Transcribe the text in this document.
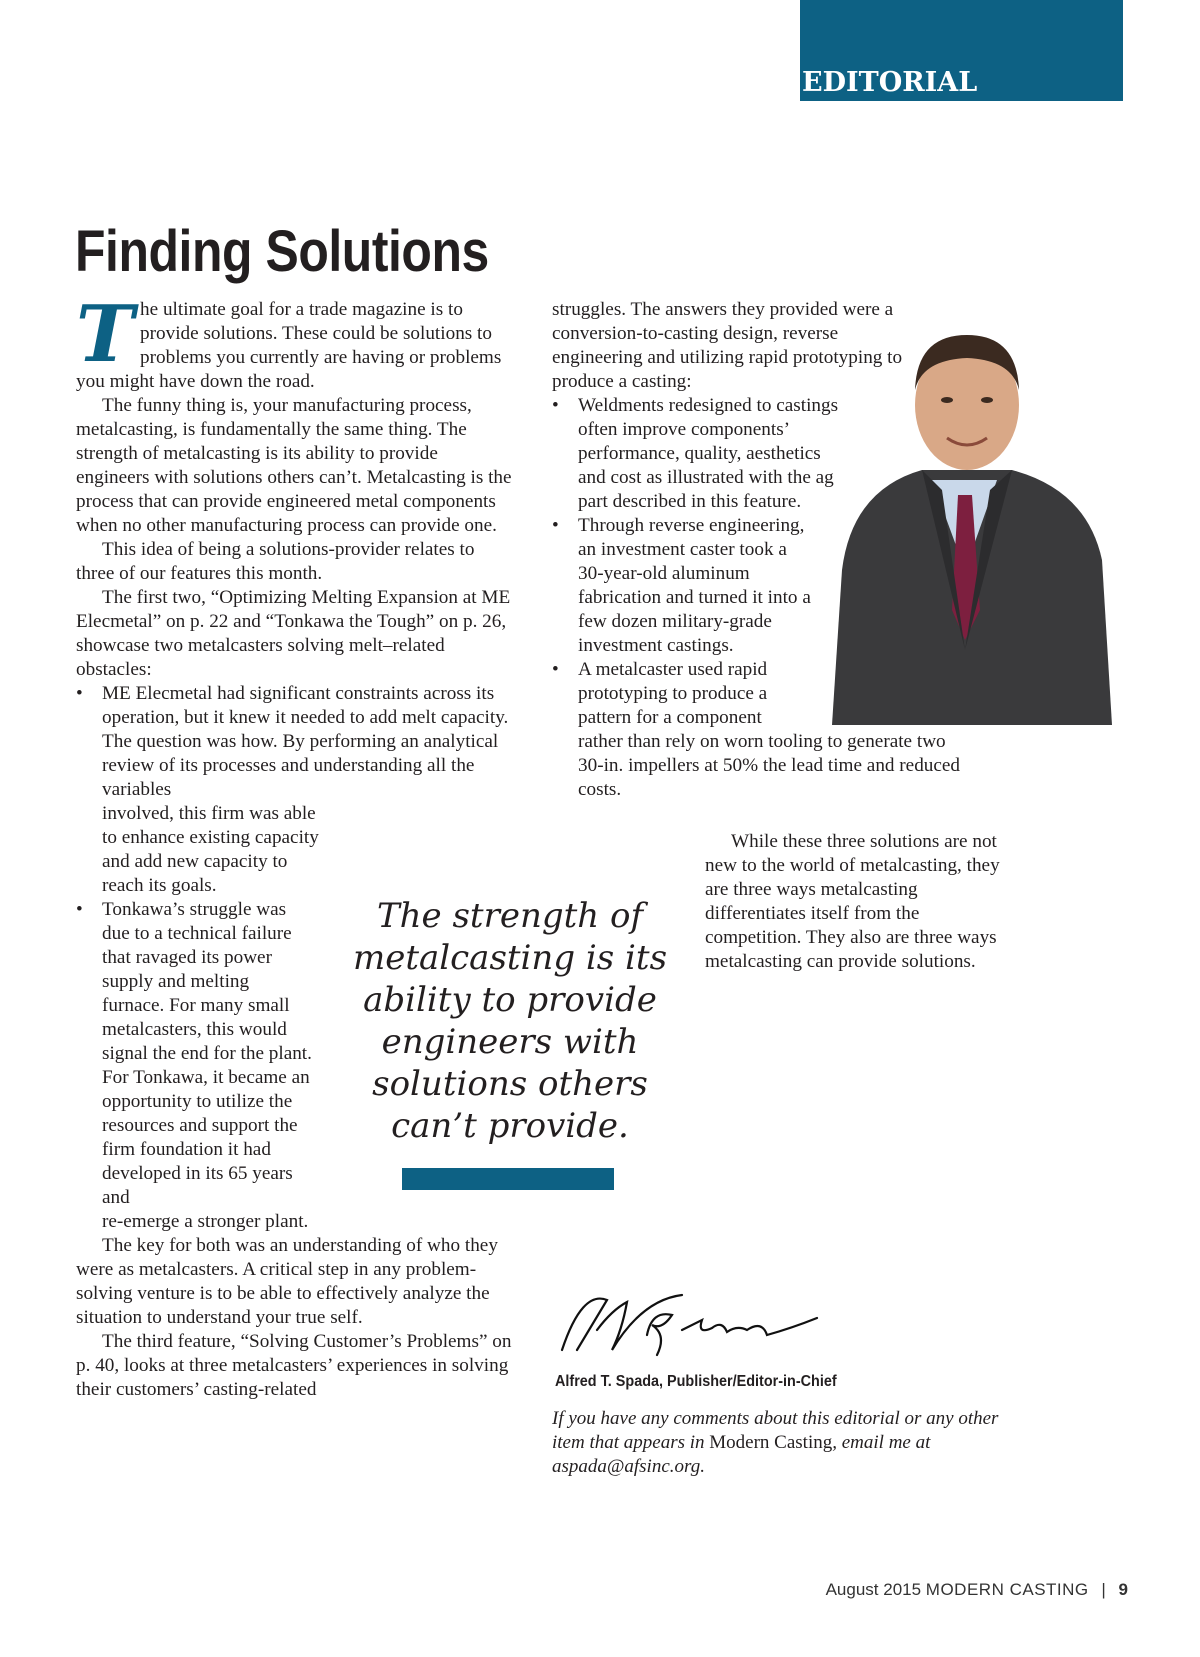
EDITORIAL
Finding Solutions

The ultimate goal for a trade magazine is to provide solutions. These could be solutions to problems you currently are having or problems you might have down the road.

The funny thing is, your manufacturing process, metalcasting, is fundamentally the same thing. The strength of metalcasting is its ability to provide engineers with solutions others can’t. Metalcasting is the process that can provide engineered metal components when no other manufacturing process can provide one.

This idea of being a solutions-provider relates to three of our features this month.

The first two, “Optimizing Melting Expansion at ME Elecmetal” on p. 22 and “Tonkawa the Tough” on p. 26, showcase two metalcasters solving melt–related obstacles:

• ME Elecmetal had significant constraints across its operation, but it knew it needed to add melt capacity. The question was how. By performing an analytical review of its processes and understanding all the variables
involved, this firm was able to enhance existing capacity and add new capacity to reach its goals.
• Tonkawa’s struggle was due to a technical failure that ravaged its power supply and melting furnace. For many small metalcasters, this would signal the end for the plant. For Tonkawa, it became an opportunity to utilize the resources and support the firm foundation it had developed in its 65 years and

re-emerge a stronger plant.

The key for both was an understanding of who they were as metalcasters. A critical step in any problem-solving venture is to be able to effectively analyze the situation to understand your true self.

The third feature, “Solving Customer’s Problems” on p. 40, looks at three metalcasters’ experiences in solving their customers’ casting-related

struggles. The answers they provided were a conversion-to-casting design, reverse engineering and utilizing rapid prototyping to produce a casting:

• Weldments redesigned to castings often improve components’ performance, quality, aesthetics and cost as illustrated with the ag part described in this feature.
• Through reverse engineering, an investment caster took a 30-year-old aluminum fabrication and turned it into a few dozen military-grade investment castings.
• A metalcaster used rapid prototyping to produce a pattern for a component
rather than rely on worn tooling to generate two 30-in. impellers at 50% the lead time and reduced costs.
The strength of metalcasting is its ability to provide engineers with solutions others can’t provide.

While these three solutions are not new to the world of metalcasting, they are three ways metalcasting differentiates itself from the competition. They also are three ways metalcasting can provide solutions.

Alfred T. Spada, Publisher/Editor-in-Chief
If you have any comments about this editorial or any other item that appears in Modern Casting, email me at aspada@afsinc.org.
August 2015 MODERN CASTING | 9
